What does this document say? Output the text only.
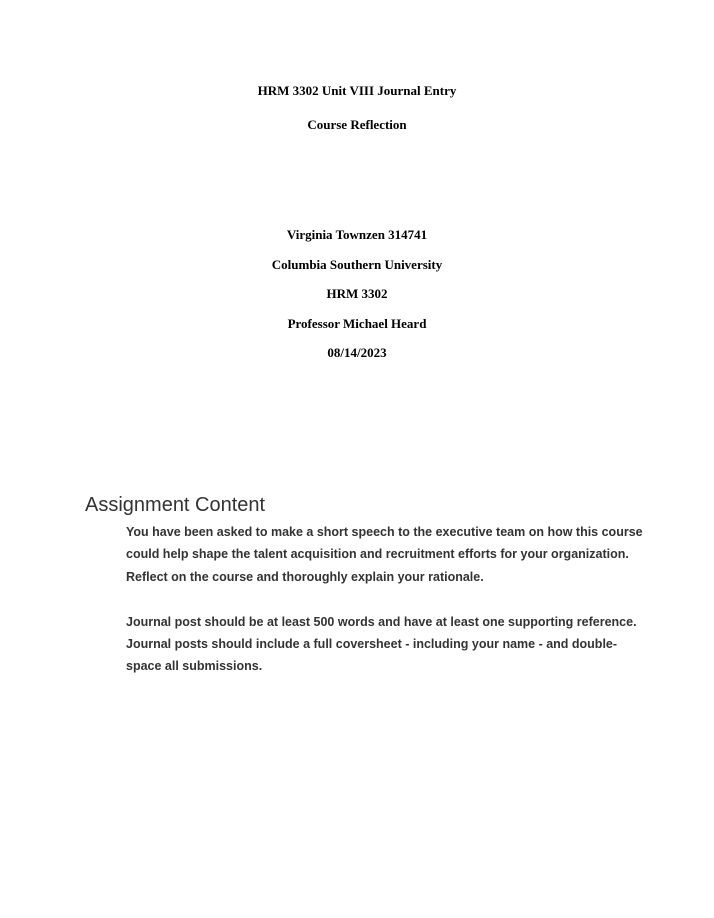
HRM 3302 Unit VIII Journal Entry
Course Reflection
Virginia Townzen 314741
Columbia Southern University
HRM 3302
Professor Michael Heard
08/14/2023
Assignment Content

You have been asked to make a short speech to the executive team on how this course could help shape the talent acquisition and recruitment efforts for your organization. Reflect on the course and thoroughly explain your rationale.

Journal post should be at least 500 words and have at least one supporting reference. Journal posts should include a full coversheet - including your name - and double-space all submissions.
